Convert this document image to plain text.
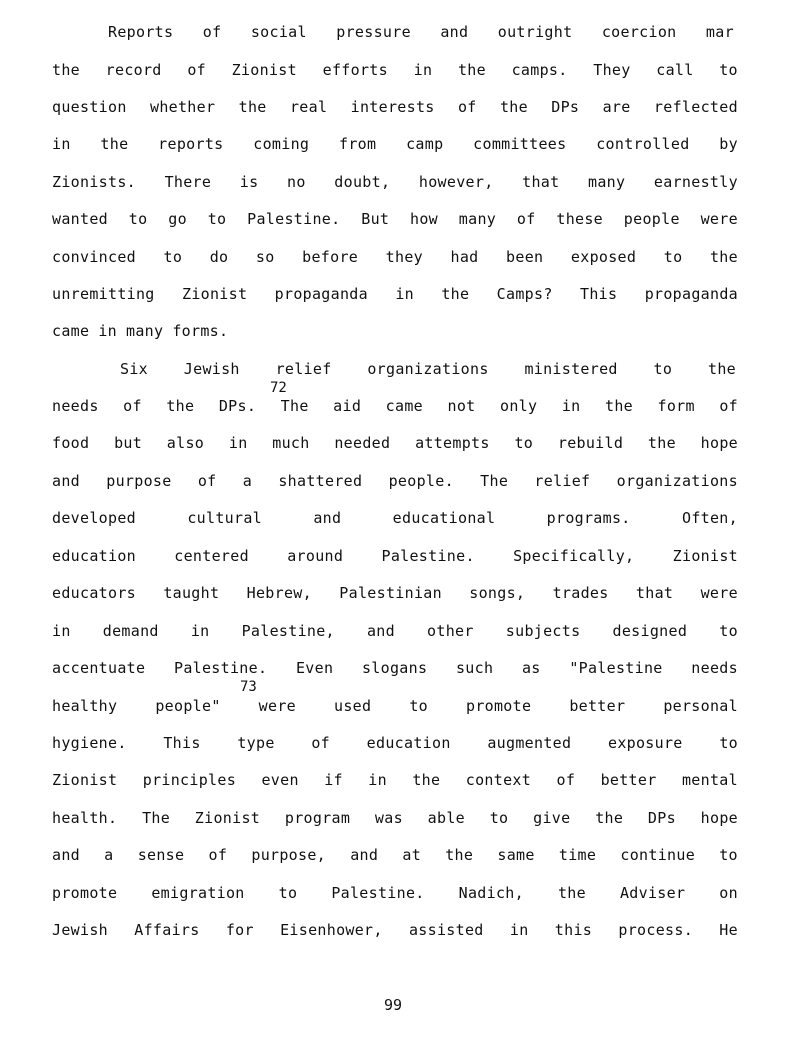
Reports of social pressure and outright coercion mar
the record of Zionist efforts in the camps. They call to
question whether the real interests of the DPs are reflected
in the reports coming from camp committees controlled by
Zionists. There is no doubt, however, that many earnestly
wanted to go to Palestine. But how many of these people were
convinced to do so before they had been exposed to the
unremitting Zionist propaganda in the Camps? This propaganda
came in many forms.
Six Jewish relief organizations ministered to the
needs of the DPs. The aid came not only in the form of
food but also in much needed attempts to rebuild the hope
and purpose of a shattered people. The relief organizations
developed	cultural	and	educational	programs.	Often,
education	centered	around	Palestine.	Specifically,	Zionist
educators taught Hebrew, Palestinian songs, trades that were
in demand in Palestine, and other subjects designed to
accentuate Palestine. Even slogans such as "Palestine needs
healthy	people"	were	used	to	promote	better	personal
hygiene. This type of education augmented exposure to
Zionist principles even if in the context of better mental
health. The Zionist program was able to give the DPs hope
and a sense of purpose, and at the same time continue to
promote emigration to Palestine. Nadich, the Adviser on
Jewish Affairs for Eisenhower, assisted in this process. He
72
73
99
